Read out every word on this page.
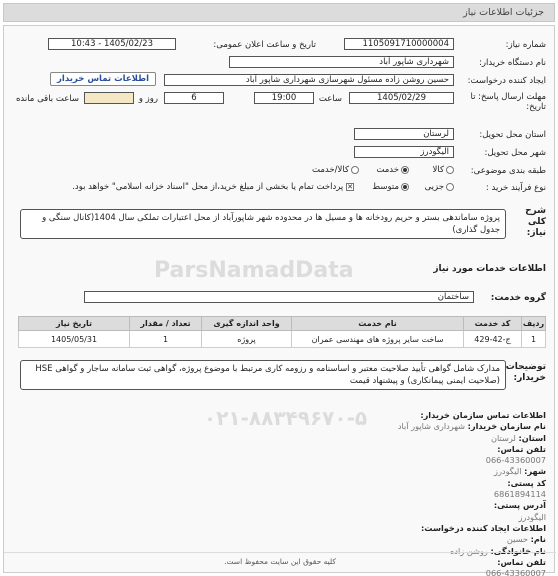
جزئیات اطلاعات نیاز
شماره نیاز:
1105091710000004
تاریخ و ساعت اعلان عمومی:
1405/02/23 - 10:43
نام دستگاه خریدار:
شهرداری شاپور آباد
ایجاد کننده درخواست:
حسین روشن زاده مسئول شهرسازی شهرداری شاپور آباد
اطلاعات تماس خریدار
مهلت ارسال پاسخ: تا تاریخ:
1405/02/29
ساعت
19:00
6
روز و
ساعت باقی مانده
استان محل تحویل:
لرستان
شهر محل تحویل:
الیگودرز
طبقه بندی موضوعی:
کالا
خدمت
کالا/خدمت
نوع فرآیند خرید :
جزیی
متوسط
✕ پرداخت تمام یا بخشی از مبلغ خرید،از محل "اسناد خزانه اسلامی" خواهد بود.
شرح کلی نیاز:
پروژه ساماندهی بستر و حریم رودخانه ها و مسیل ها در محدوده شهر شاپورآباد از محل اعتبارات تملکی سال 1404(کانال سنگی و جدول گذاری)
اطلاعات خدمات مورد نیاز
گروه خدمت:
ساختمان
ردیف	کد خدمت	نام خدمت	واحد اندازه گیری	تعداد / مقدار	تاریخ نیاز
1	ج-42-429	ساخت سایر پروژه های مهندسی عمران	پروژه	1	1405/05/31
توضیحات خریدار:
مدارک شامل گواهی تأیید صلاحیت معتبر و اساسنامه و رزومه کاری مرتبط با موضوع پروژه، گواهی ثبت سامانه ساجار و گواهی HSE (صلاحیت ایمنی پیمانکاری) و پیشنهاد قیمت
اطلاعات تماس سازمان خریدار:
نام سازمان خریدار: شهرداری شاپور آباد
استان: لرستان
تلفن تماس:
066-43360007
شهر: الیگودرز
کد پستی:
6861894114
آدرس پستی:
الیگودرز
اطلاعات ایجاد کننده درخواست:
نام: حسین
نام خانوادگی: روشن زاده
تلفن تماس:
066-43360007
کلیه حقوق این سایت محفوظ است.
ParsNamadData
۰۲۱-۸۸۳۴۹۶۷۰-۵
